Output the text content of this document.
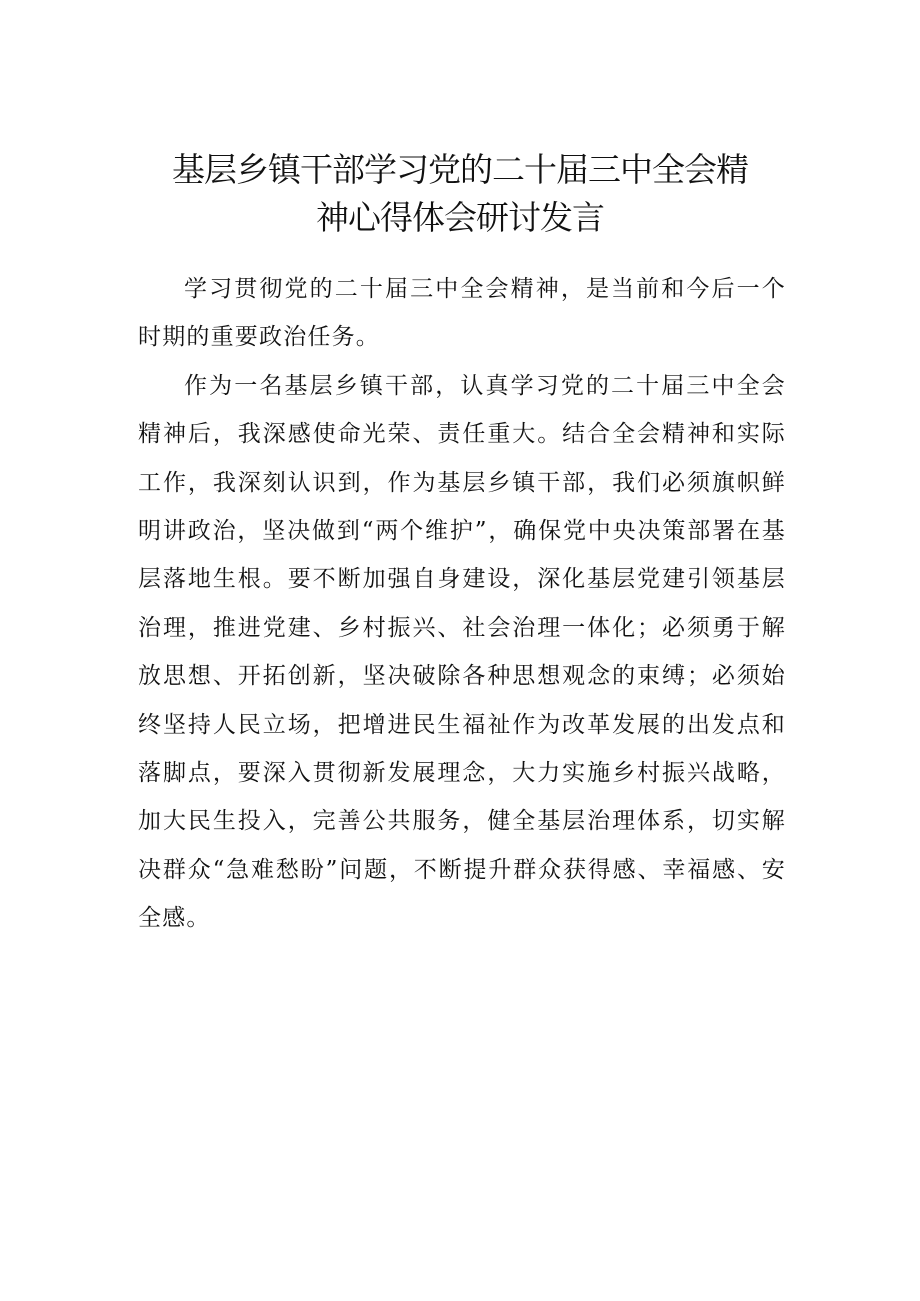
基层乡镇干部学习党的二十届三中全会精
神心得体会研讨发言

学习贯彻党的二十届三中全会精神，是当前和今后一个时期的重要政治任务。

作为一名基层乡镇干部，认真学习党的二十届三中全会精神后，我深感使命光荣、责任重大。结合全会精神和实际工作，我深刻认识到，作为基层乡镇干部，我们必须旗帜鲜明讲政治，坚决做到“两个维护”，确保党中央决策部署在基层落地生根。要不断加强自身建设，深化基层党建引领基层治理，推进党建、乡村振兴、社会治理一体化；必须勇于解放思想、开拓创新，坚决破除各种思想观念的束缚；必须始终坚持人民立场，把增进民生福祉作为改革发展的出发点和落脚点，要深入贯彻新发展理念，大力实施乡村振兴战略，加大民生投入，完善公共服务，健全基层治理体系，切实解决群众“急难愁盼”问题，不断提升群众获得感、幸福感、安全感。
